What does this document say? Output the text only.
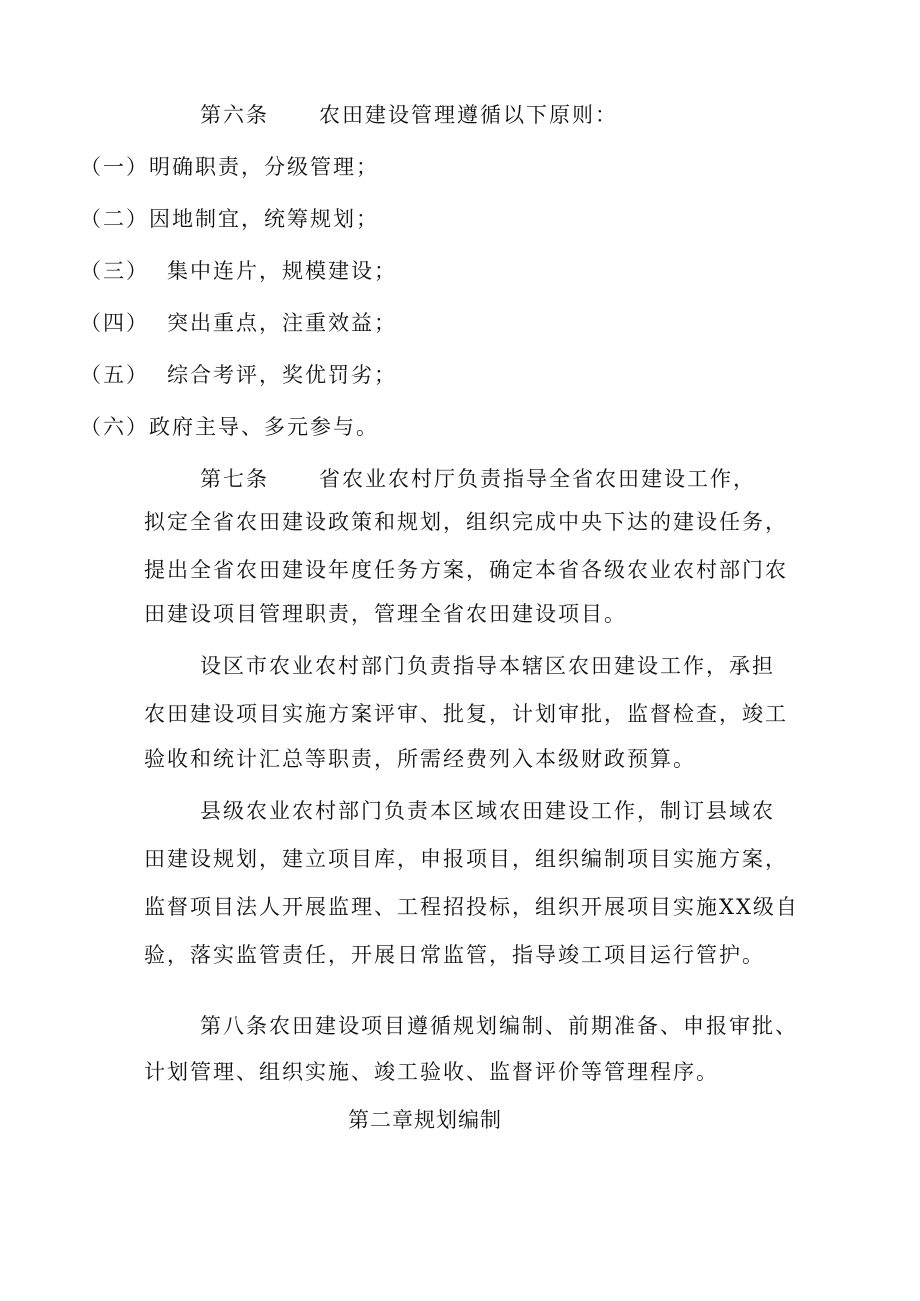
第六条 农田建设管理遵循以下原则：
（一）明确职责，分级管理；
（二）因地制宜，统筹规划；
（三） 集中连片，规模建设；
（四） 突出重点，注重效益；
（五） 综合考评，奖优罚劣；
（六）政府主导、多元参与。
第七条 省农业农村厅负责指导全省农田建设工作，
拟定全省农田建设政策和规划，组织完成中央下达的建设任务，
提出全省农田建设年度任务方案，确定本省各级农业农村部门农
田建设项目管理职责，管理全省农田建设项目。
设区市农业农村部门负责指导本辖区农田建设工作，承担
农田建设项目实施方案评审、批复，计划审批，监督检查，竣工
验收和统计汇总等职责，所需经费列入本级财政预算。
县级农业农村部门负责本区域农田建设工作，制订县域农
田建设规划，建立项目库，申报项目，组织编制项目实施方案，
监督项目法人开展监理、工程招投标，组织开展项目实施XX级自
验，落实监管责任，开展日常监管，指导竣工项目运行管护。
第八条农田建设项目遵循规划编制、前期准备、申报审批、
计划管理、组织实施、竣工验收、监督评价等管理程序。
第二章规划编制
